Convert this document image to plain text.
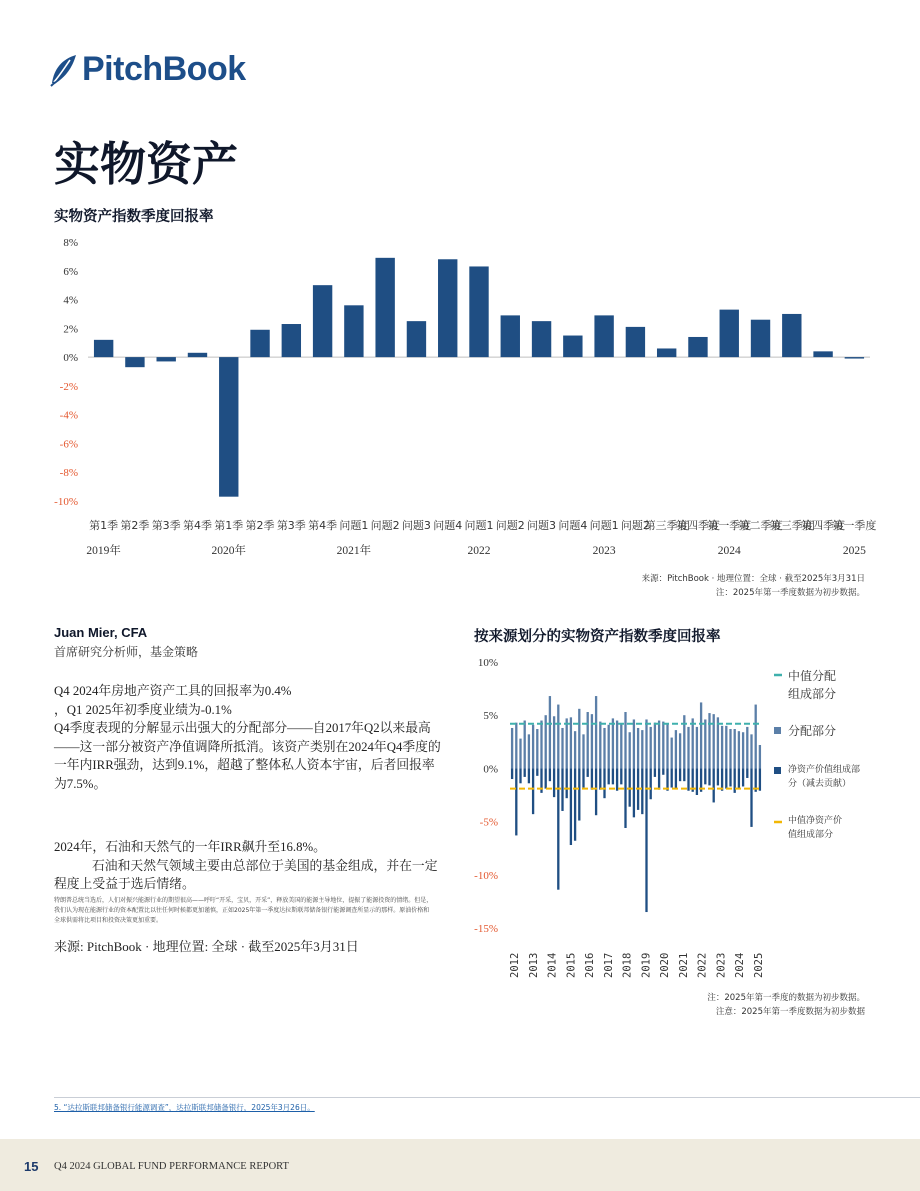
PitchBook
实物资产
实物资产指数季度回报率
8%
6%
4%
2%
0%
-2%
-4%
-6%
-8%
-10%
第1季 第2季 第3季 第4季 第1季 第2季 第3季 第4季 问题1 问题2 问题3 问题4 问题1 问题2 问题3 问题4 问题1 问题2
第三季度
第四季度
第一季度
第二季度
第三季度
第四季度
第一季度
2019年	2020年	2021年	2022	2023	2024	2025
来源：PitchBook · 地理位置：全球 · 截至2025年3月31日
注：2025年第一季度数据为初步数据。
Juan Mier, CFA
首席研究分析师，基金策略

Q4 2024年房地产资产工具的回报率为0.4%

，Q1 2025年初季度业绩为-0.1%

Q4季度表现的分解显示出强大的分配部分——自2017年Q2以来最高——这一部分被资产净值调降所抵消。该资产类别在2024年Q4季度的一年内IRR强劲，达到9.1%，超越了整体私人资本宇宙，后者回报率为7.5%。

2024年，石油和天然气的一年IRR飙升至16.8%。

石油和天然气领域主要由总部位于美国的基金组成，并在一定程度上受益于选后情绪。

特朗普总统当选后，人们对振兴能源行业的期望很高——呼吁“开采，宝贝，开采”，释放美国的能源主导地位，提振了能源投资的情绪。但是，我们认为现在能源行业的资本配置比以往任何时候都更加谨慎，正如2025年第一季度达拉斯联邦储备银行能源调查所显示的那样。原油价格和全球供需将比项目和投资决策更加重要。
来源: PitchBook · 地理位置: 全球 · 截至2025年3月31日
按来源划分的实物资产指数季度回报率
10%
5%
0%
-5%
-10%
-15%
2012 2013 2014 2015 2016 2017 2018 2019 2020 2021 2022 2023 2024 2025
中值分配
组成部分
分配部分
净资产价值组成部
分（减去贡献）
中值净资产价
值组成部分
注：2025年第一季度的数据为初步数据。
注意：2025年第一季度数据为初步数据
5. “达拉斯联邦储备银行能源调查”，达拉斯联邦储备银行，2025年3月26日。
15 Q4 2024 GLOBAL FUND PERFORMANCE REPORT
